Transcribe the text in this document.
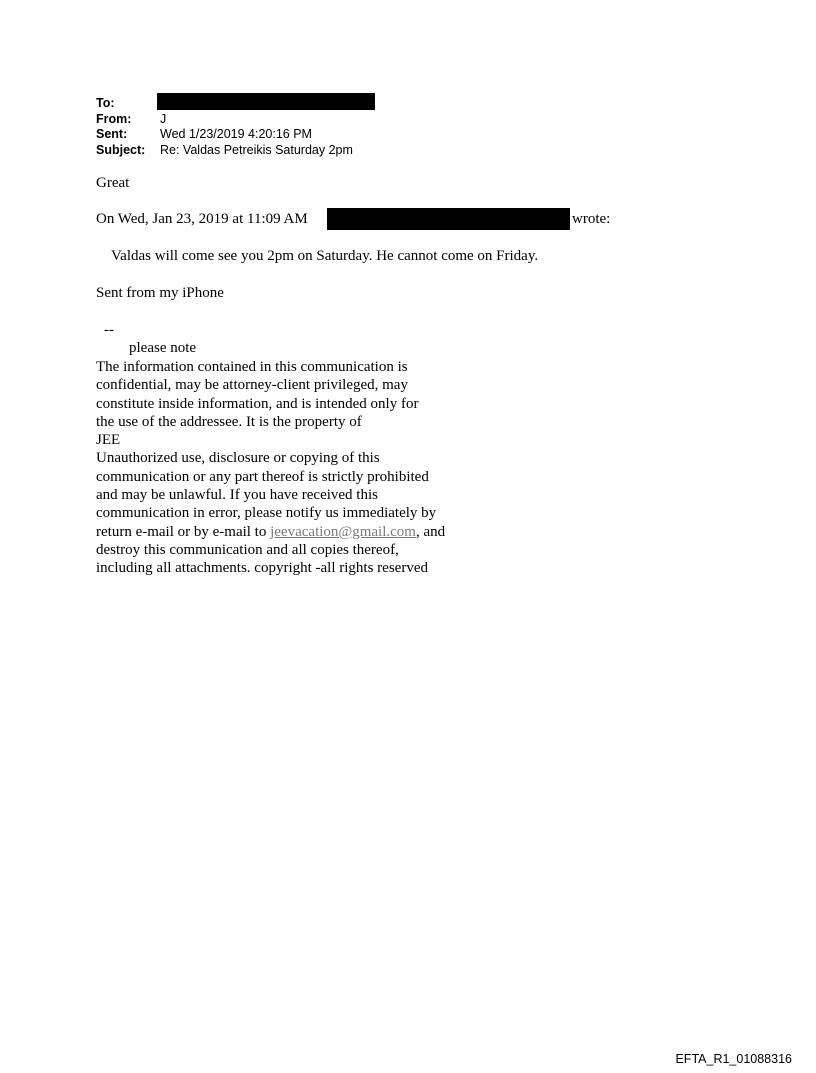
To:
From: J
Sent:	Wed 1/23/2019 4:20:16 PM
Subject: Re: Valdas Petreikis Saturday 2pm
Great
On Wed, Jan 23, 2019 at 11:09 AM	wrote:
Valdas will come see you 2pm on Saturday. He cannot come on Friday.
Sent from my iPhone
--
please note
The information contained in this communication is
confidential, may be attorney-client privileged, may
constitute inside information, and is intended only for
the use of the addressee. It is the property of
JEE
Unauthorized use, disclosure or copying of this
communication or any part thereof is strictly prohibited
and may be unlawful. If you have received this
communication in error, please notify us immediately by
return e-mail or by e-mail to jeevacation@gmail.com, and
destroy this communication and all copies thereof,
including all attachments. copyright -all rights reserved
EFTA_R1_01088316
